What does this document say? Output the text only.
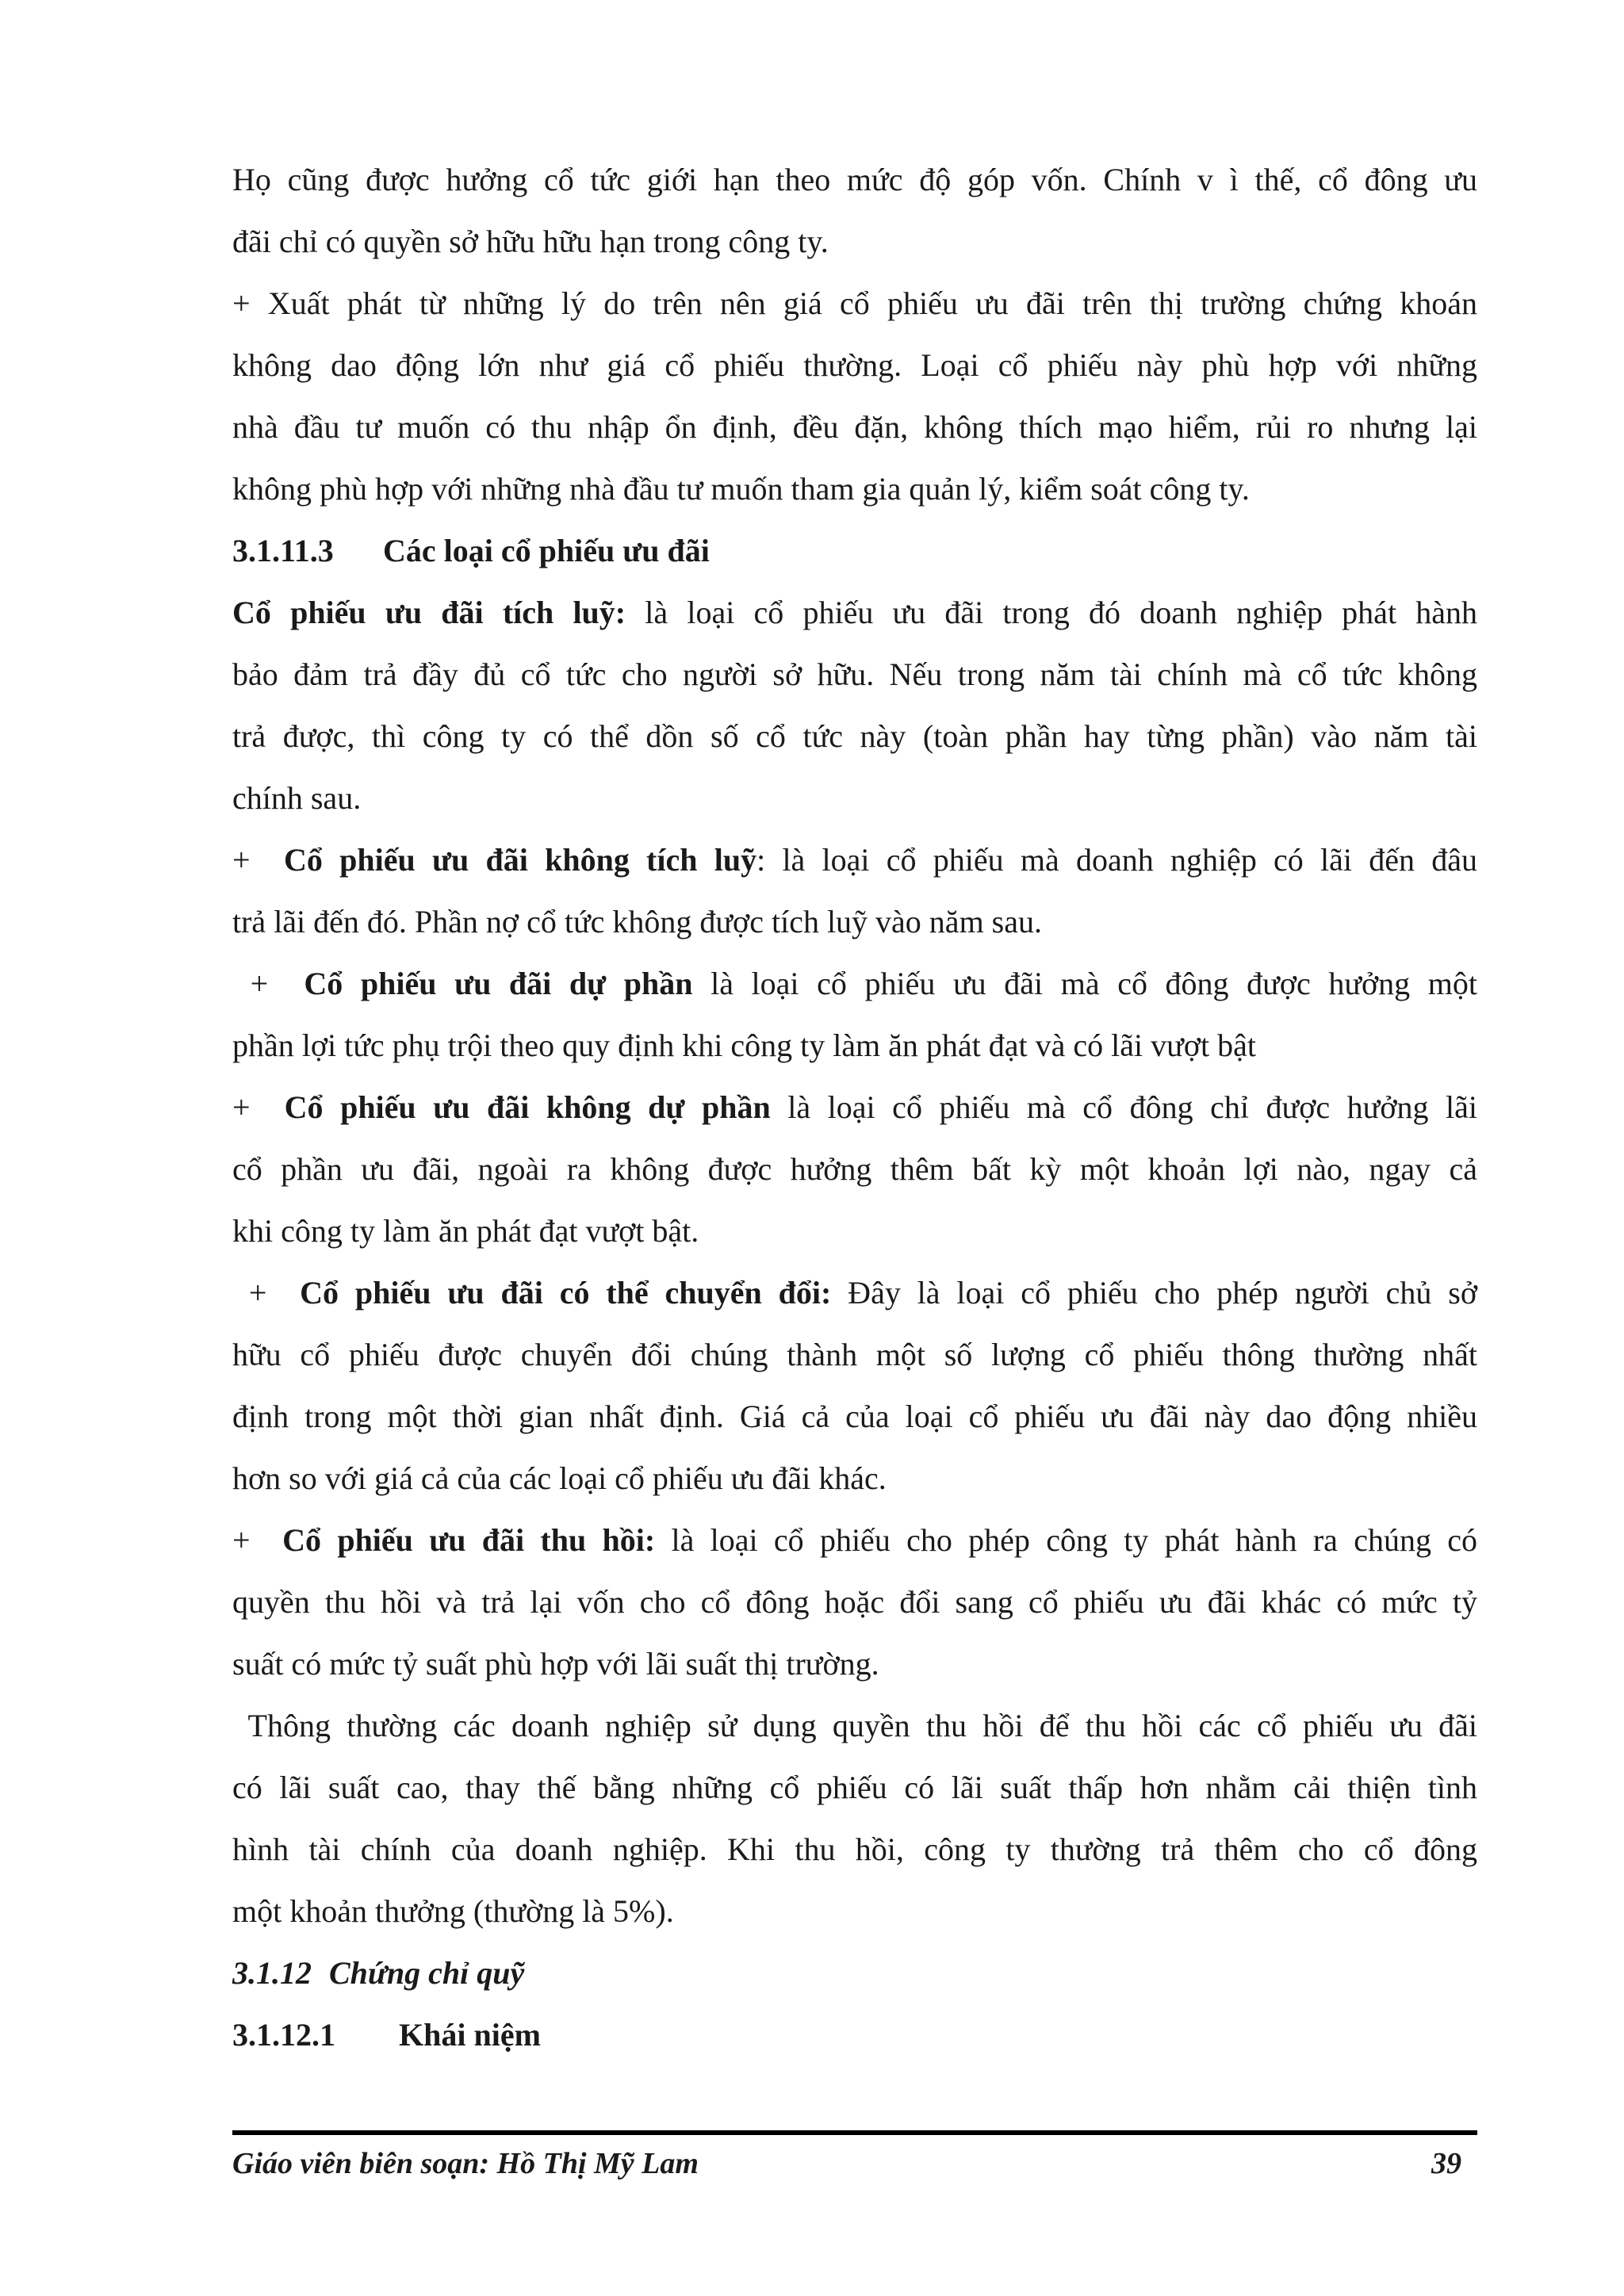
Họ cũng được hưởng cổ tức giới hạn theo mức độ góp vốn. Chính v ì thế, cổ đông ưu
đãi chỉ có quyền sở hữu hữu hạn trong công ty.
+ Xuất phát từ những lý do trên nên giá cổ phiếu ưu đãi trên thị trường chứng khoán
không dao động lớn như giá cổ phiếu thường. Loại cổ phiếu này phù hợp với những
nhà đầu tư muốn có thu nhập ổn định, đều đặn, không thích mạo hiểm, rủi ro nhưng lại
không phù hợp với những nhà đầu tư muốn tham gia quản lý, kiểm soát công ty.
3.1.11.3 Các loại cổ phiếu ưu đãi
Cổ phiếu ưu đãi tích luỹ: là loại cổ phiếu ưu đãi trong đó doanh nghiệp phát hành
bảo đảm trả đầy đủ cổ tức cho người sở hữu. Nếu trong năm tài chính mà cổ tức không
trả được, thì công ty có thể dồn số cổ tức này (toàn phần hay từng phần) vào năm tài
chính sau.
+  Cổ phiếu ưu đãi không tích luỹ: là loại cổ phiếu mà doanh nghiệp có lãi đến đâu
trả lãi đến đó. Phần nợ cổ tức không được tích luỹ vào năm sau.
+  Cổ phiếu ưu đãi dự phần là loại cổ phiếu ưu đãi mà cổ đông được hưởng một
phần lợi tức phụ trội theo quy định khi công ty làm ăn phát đạt và có lãi vượt bật
+  Cổ phiếu ưu đãi không dự phần là loại cổ phiếu mà cổ đông chỉ được hưởng lãi
cổ phần ưu đãi, ngoài ra không được hưởng thêm bất kỳ một khoản lợi nào, ngay cả
khi công ty làm ăn phát đạt vượt bật.
+  Cổ phiếu ưu đãi có thể chuyển đổi: Đây là loại cổ phiếu cho phép người chủ sở
hữu cổ phiếu được chuyển đổi chúng thành một số lượng cổ phiếu thông thường nhất
định trong một thời gian nhất định. Giá cả của loại cổ phiếu ưu đãi này dao động nhiều
hơn so với giá cả của các loại cổ phiếu ưu đãi khác.
+  Cổ phiếu ưu đãi thu hồi: là loại cổ phiếu cho phép công ty phát hành ra chúng có
quyền thu hồi và trả lại vốn cho cổ đông hoặc đổi sang cổ phiếu ưu đãi khác có mức tỷ
suất có mức tỷ suất phù hợp với lãi suất thị trường.
Thông thường các doanh nghiệp sử dụng quyền thu hồi để thu hồi các cổ phiếu ưu đãi
có lãi suất cao, thay thế bằng những cổ phiếu có lãi suất thấp hơn nhằm cải thiện tình
hình tài chính của doanh nghiệp. Khi thu hồi, công ty thường trả thêm cho cổ đông
một khoản thưởng (thường là 5%).
3.1.12 Chứng chỉ quỹ
3.1.12.1 Khái niệm
Giáo viên biên soạn: Hồ Thị Mỹ Lam	39
